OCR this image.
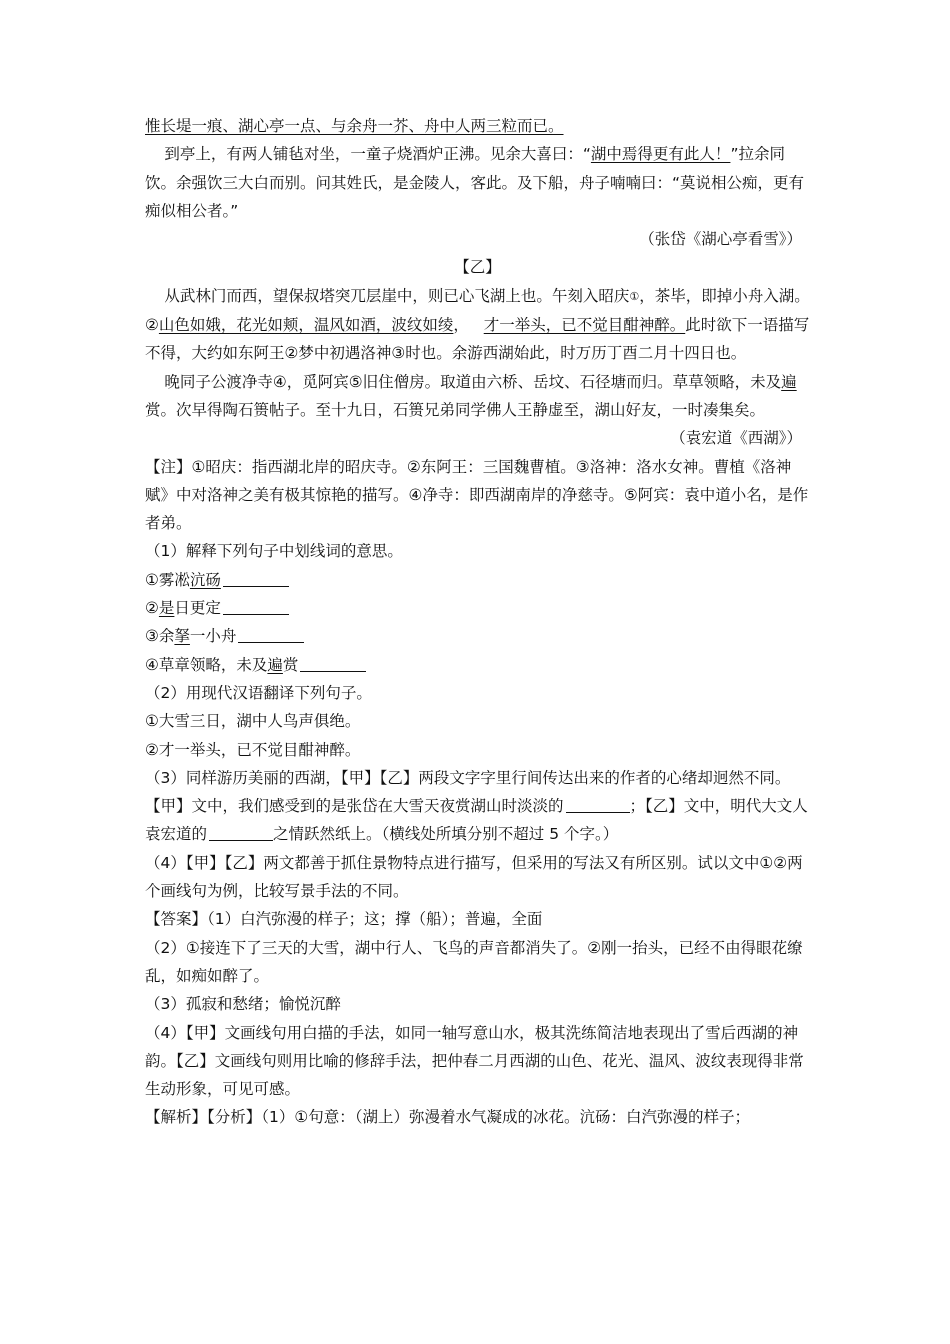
惟长堤一痕、湖心亭一点、与余舟一芥、舟中人两三粒而已。

到亭上，有两人铺毡对坐，一童子烧酒炉正沸。见余大喜曰：“湖中焉得更有此人！”拉余同饮。余强饮三大白而别。问其姓氏，是金陵人，客此。及下船，舟子喃喃曰：“莫说相公痴，更有痴似相公者。”

（张岱《湖心亭看雪》）

【乙】

从武林门而西，望保叔塔突兀层崖中，则已心飞湖上也。午刻入昭庆①，茶毕，即掉小舟入湖。②山色如娥，花光如颊，温风如酒，波纹如绫， 才一举头，已不觉目酣神醉。此时欲下一语描写不得，大约如东阿王②梦中初遇洛神③时也。余游西湖始此，时万历丁酉二月十四日也。

晚同子公渡净寺④，觅阿宾⑤旧住僧房。取道由六桥、岳坟、石径塘而归。草草领略，未及遍赏。次早得陶石篑帖子。至十九日，石篑兄弟同学佛人王静虚至，湖山好友，一时凑集矣。

（袁宏道《西湖》）

【注】①昭庆：指西湖北岸的昭庆寺。②东阿王：三国魏曹植。③洛神：洛水女神。曹植《洛神赋》中对洛神之美有极其惊艳的描写。④净寺：即西湖南岸的净慈寺。⑤阿宾：袁中道小名，是作者弟。

（1）解释下列句子中划线词的意思。

①雾凇沆砀

②是日更定

③余拏一小舟

④草章领略，未及遍赏

（2）用现代汉语翻译下列句子。

①大雪三日，湖中人鸟声俱绝。

②才一举头，已不觉目酣神醉。

（3）同样游历美丽的西湖，【甲】【乙】两段文字字里行间传达出来的作者的心绪却迥然不同。【甲】文中，我们感受到的是张岱在大雪天夜赏湖山时淡淡的	；【乙】文中，明代大文人袁宏道的	之情跃然纸上。（横线处所填分别不超过 5 个字。）

（4）【甲】【乙】两文都善于抓住景物特点进行描写，但采用的写法又有所区别。试以文中①②两个画线句为例，比较写景手法的不同。

【答案】（1）白汽弥漫的样子；这；撑（船）；普遍，全面

（2）①接连下了三天的大雪，湖中行人、飞鸟的声音都消失了。②刚一抬头，已经不由得眼花缭乱，如痴如醉了。

（3）孤寂和愁绪；愉悦沉醉

（4）【甲】文画线句用白描的手法，如同一轴写意山水，极其洗练简洁地表现出了雪后西湖的神韵。【乙】文画线句则用比喻的修辞手法，把仲春二月西湖的山色、花光、温风、波纹表现得非常生动形象，可见可感。

【解析】【分析】（1）①句意：（湖上）弥漫着水气凝成的冰花。沆砀：白汽弥漫的样子；
